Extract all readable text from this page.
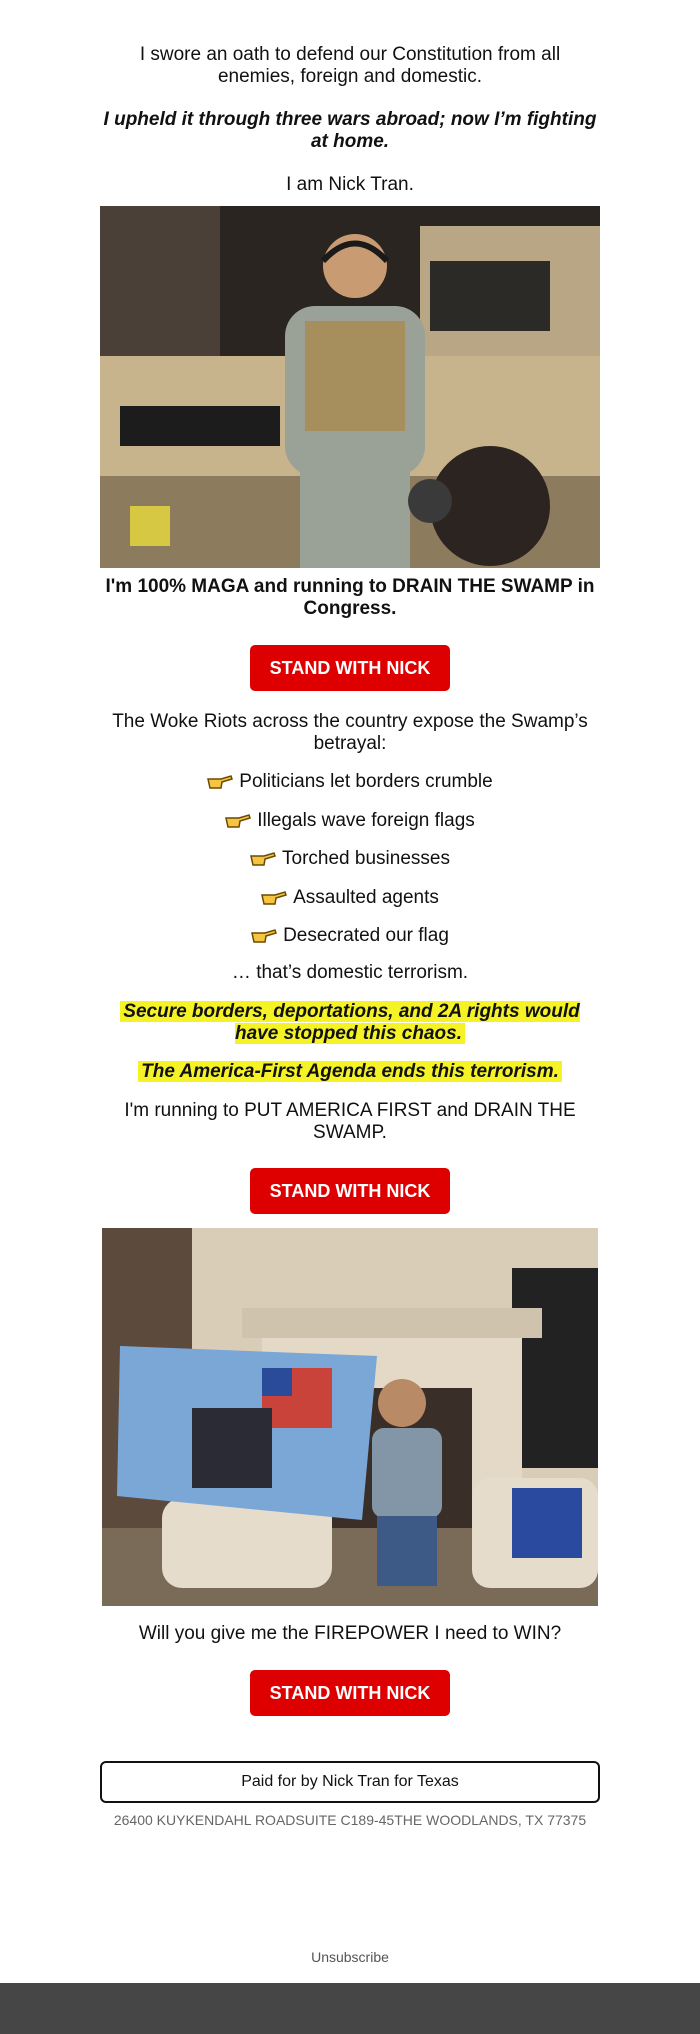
I swore an oath to defend our Constitution from all enemies, foreign and domestic.

I upheld it through three wars abroad; now I’m fighting at home.

I am Nick Tran.

I'm 100% MAGA and running to DRAIN THE SWAMP in Congress.

STAND WITH NICK

The Woke Riots across the country expose the Swamp’s betrayal:

Politicians let borders crumble
Illegals wave foreign flags
Torched businesses
Assaulted agents
Desecrated our flag

… that’s domestic terrorism.

Secure borders, deportations, and 2A rights would have stopped this chaos.

The America-First Agenda ends this terrorism.

I'm running to PUT AMERICA FIRST and DRAIN THE SWAMP.

STAND WITH NICK

Will you give me the FIREPOWER I need to WIN?

STAND WITH NICK
Paid for by Nick Tran for Texas
26400 KUYKENDAHL ROADSUITE C189-45THE WOODLANDS, TX 77375
Unsubscribe
